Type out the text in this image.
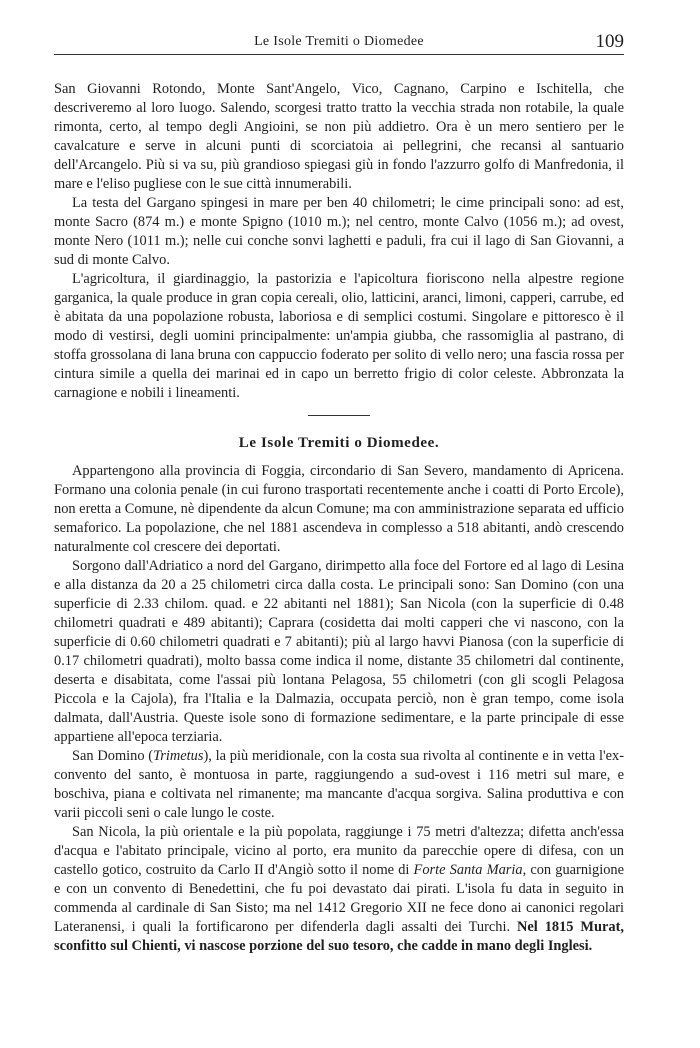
Le Isole Tremiti o Diomedee	109

San Giovanni Rotondo, Monte Sant'Angelo, Vico, Cagnano, Carpino e Ischitella, che descriveremo al loro luogo. Salendo, scorgesi tratto tratto la vecchia strada non rotabile, la quale rimonta, certo, al tempo degli Angioini, se non più addietro. Ora è un mero sentiero per le cavalcature e serve in alcuni punti di scorciatoia ai pellegrini, che recansi al santuario dell'Arcangelo. Più si va su, più grandioso spiegasi giù in fondo l'azzurro golfo di Manfredonia, il mare e l'eliso pugliese con le sue città innumerabili.

La testa del Gargano spingesi in mare per ben 40 chilometri; le cime principali sono: ad est, monte Sacro (874 m.) e monte Spigno (1010 m.); nel centro, monte Calvo (1056 m.); ad ovest, monte Nero (1011 m.); nelle cui conche sonvi laghetti e paduli, fra cui il lago di San Giovanni, a sud di monte Calvo.

L'agricoltura, il giardinaggio, la pastorizia e l'apicoltura fioriscono nella alpestre regione garganica, la quale produce in gran copia cereali, olio, latticini, aranci, limoni, capperi, carrube, ed è abitata da una popolazione robusta, laboriosa e di semplici costumi. Singolare e pittoresco è il modo di vestirsi, degli uomini principalmente: un'ampia giubba, che rassomiglia al pastrano, di stoffa grossolana di lana bruna con cappuccio foderato per solito di vello nero; una fascia rossa per cintura simile a quella dei marinai ed in capo un berretto frigio di color celeste. Abbronzata la carnagione e nobili i lineamenti.

Le Isole Tremiti o Diomedee.

Appartengono alla provincia di Foggia, circondario di San Severo, mandamento di Apricena. Formano una colonia penale (in cui furono trasportati recentemente anche i coatti di Porto Ercole), non eretta a Comune, nè dipendente da alcun Comune; ma con amministrazione separata ed ufficio semaforico. La popolazione, che nel 1881 ascendeva in complesso a 518 abitanti, andò crescendo naturalmente col crescere dei deportati.

Sorgono dall'Adriatico a nord del Gargano, dirimpetto alla foce del Fortore ed al lago di Lesina e alla distanza da 20 a 25 chilometri circa dalla costa. Le principali sono: San Domino (con una superficie di 2.33 chilom. quad. e 22 abitanti nel 1881); San Nicola (con la superficie di 0.48 chilometri quadrati e 489 abitanti); Caprara (cosidetta dai molti capperi che vi nascono, con la superficie di 0.60 chilometri quadrati e 7 abitanti); più al largo havvi Pianosa (con la superficie di 0.17 chilometri quadrati), molto bassa come indica il nome, distante 35 chilometri dal continente, deserta e disabitata, come l'assai più lontana Pelagosa, 55 chilometri (con gli scogli Pelagosa Piccola e la Cajola), fra l'Italia e la Dalmazia, occupata perciò, non è gran tempo, come isola dalmata, dall'Austria. Queste isole sono di formazione sedimentare, e la parte principale di esse appartiene all'epoca terziaria.

San Domino (Trimetus), la più meridionale, con la costa sua rivolta al continente e in vetta l'ex-convento del santo, è montuosa in parte, raggiungendo a sud-ovest i 116 metri sul mare, e boschiva, piana e coltivata nel rimanente; ma mancante d'acqua sorgiva. Salina produttiva e con varii piccoli seni o cale lungo le coste.

San Nicola, la più orientale e la più popolata, raggiunge i 75 metri d'altezza; difetta anch'essa d'acqua e l'abitato principale, vicino al porto, era munito da parecchie opere di difesa, con un castello gotico, costruito da Carlo II d'Angiò sotto il nome di Forte Santa Maria, con guarnigione e con un convento di Benedettini, che fu poi devastato dai pirati. L'isola fu data in seguito in commenda al cardinale di San Sisto; ma nel 1412 Gregorio XII ne fece dono ai canonici regolari Lateranensi, i quali la fortificarono per difenderla dagli assalti dei Turchi. Nel 1815 Murat, sconfitto sul Chienti, vi nascose porzione del suo tesoro, che cadde in mano degli Inglesi.
